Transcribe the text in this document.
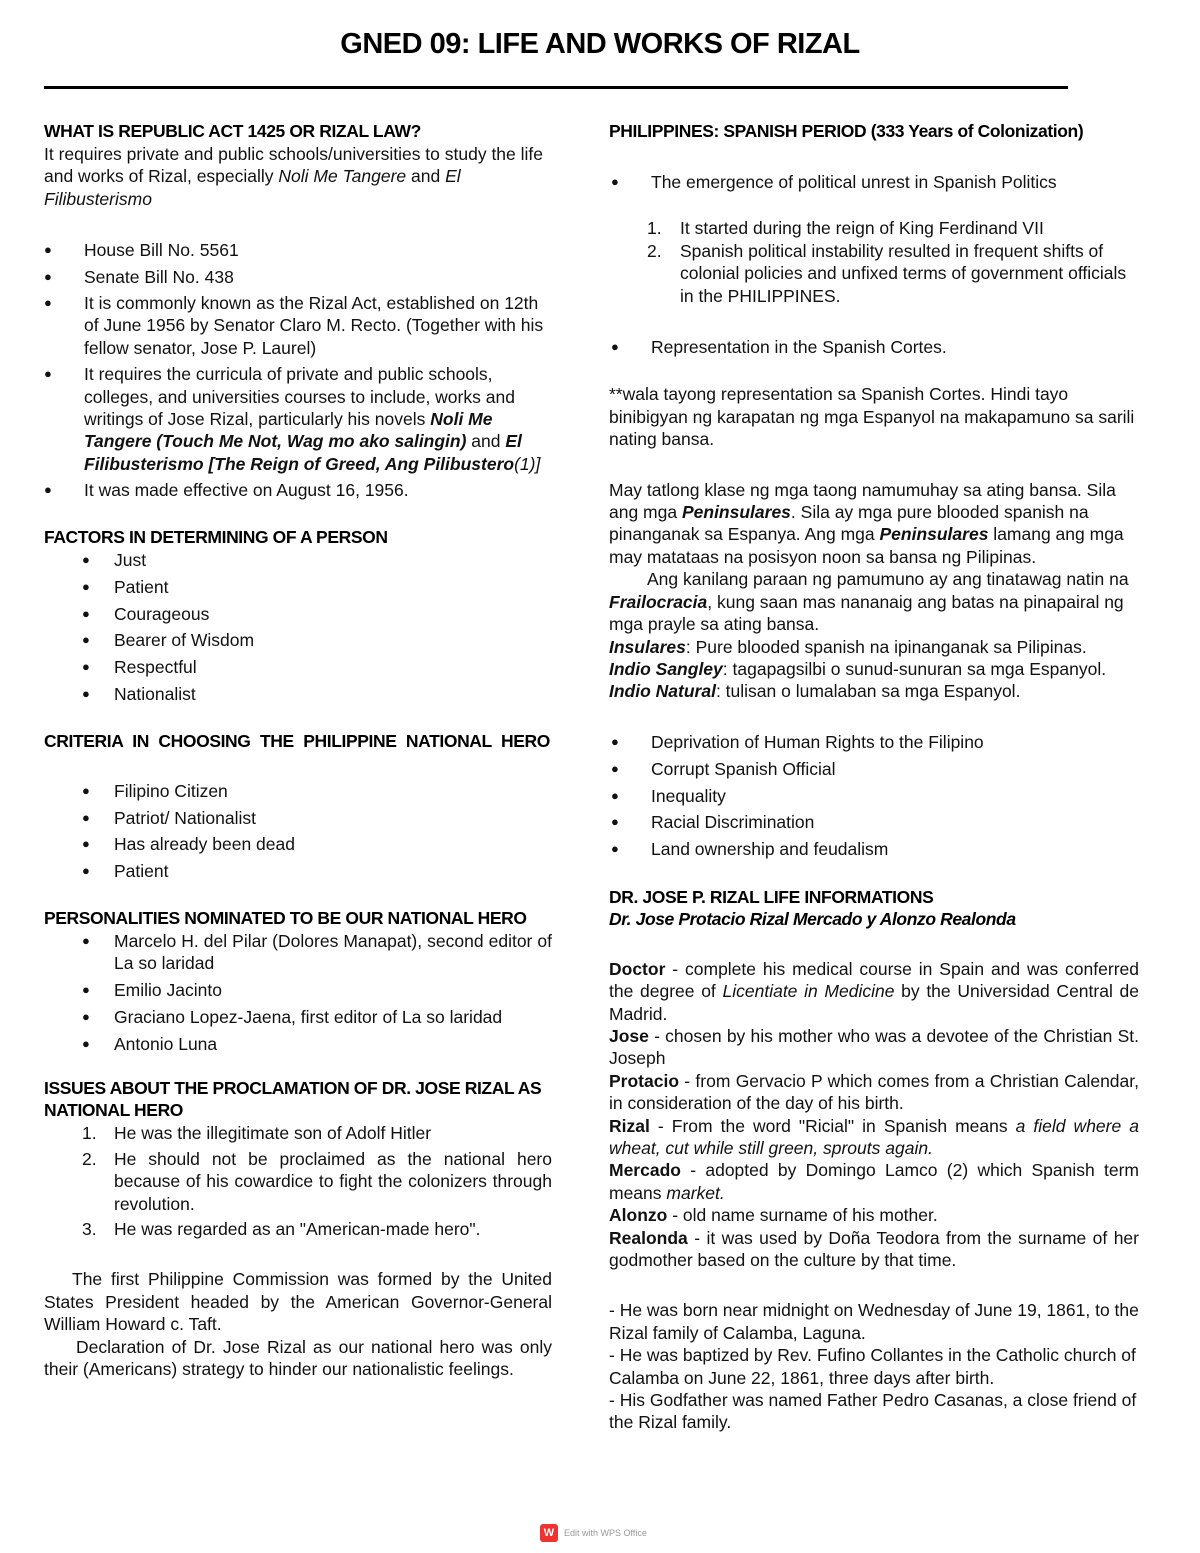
GNED 09: LIFE AND WORKS OF RIZAL
WHAT IS REPUBLIC ACT 1425 OR RIZAL LAW?

It requires private and public schools/universities to study the life and works of Rizal, especially Noli Me Tangere and El Filibusterismo

● House Bill No. 5561
● Senate Bill No. 438
● It is commonly known as the Rizal Act, established on 12th of June 1956 by Senator Claro M. Recto. (Together with his fellow senator, Jose P. Laurel)
● It requires the curricula of private and public schools, colleges, and universities courses to include, works and writings of Jose Rizal, particularly his novels Noli Me Tangere (Touch Me Not, Wag mo ako salingin) and El Filibusterismo [The Reign of Greed, Ang Pilibustero(1)]
● It was made effective on August 16, 1956.
FACTORS IN DETERMINING OF A PERSON
● Just
● Patient
● Courageous
● Bearer of Wisdom
● Respectful
● Nationalist
CRITERIA IN CHOOSING THE PHILIPPINE NATIONAL HERO
● Filipino Citizen
● Patriot/ Nationalist
● Has already been dead
● Patient
PERSONALITIES NOMINATED TO BE OUR NATIONAL HERO
● Marcelo H. del Pilar (Dolores Manapat), second editor of La so laridad
● Emilio Jacinto
● Graciano Lopez-Jaena, first editor of La so laridad
● Antonio Luna
ISSUES ABOUT THE PROCLAMATION OF DR. JOSE RIZAL AS NATIONAL HERO
1. He was the illegitimate son of Adolf Hitler
2. He should not be proclaimed as the national hero because of his cowardice to fight the colonizers through revolution.
3. He was regarded as an "American-made hero".

The first Philippine Commission was formed by the United States President headed by the American Governor-General William Howard c. Taft.

Declaration of Dr. Jose Rizal as our national hero was only their (Americans) strategy to hinder our nationalistic feelings.

PHILIPPINES: SPANISH PERIOD (333 Years of Colonization)
● The emergence of political unrest in Spanish Politics
1. It started during the reign of King Ferdinand VII
2. Spanish political instability resulted in frequent shifts of colonial policies and unfixed terms of government officials in the PHILIPPINES.
● Representation in the Spanish Cortes.

**wala tayong representation sa Spanish Cortes. Hindi tayo binibigyan ng karapatan ng mga Espanyol na makapamuno sa sarili nating bansa.

May tatlong klase ng mga taong namumuhay sa ating bansa. Sila ang mga Peninsulares. Sila ay mga pure blooded spanish na pinanganak sa Espanya. Ang mga Peninsulares lamang ang mga may matataas na posisyon noon sa bansa ng Pilipinas.

Ang kanilang paraan ng pamumuno ay ang tinatawag natin na Frailocracia, kung saan mas nananaig ang batas na pinapairal ng mga prayle sa ating bansa.

Insulares: Pure blooded spanish na ipinanganak sa Pilipinas.

Indio Sangley: tagapagsilbi o sunud-sunuran sa mga Espanyol.

Indio Natural: tulisan o lumalaban sa mga Espanyol.

● Deprivation of Human Rights to the Filipino
● Corrupt Spanish Official
● Inequality
● Racial Discrimination
● Land ownership and feudalism
DR. JOSE P. RIZAL LIFE INFORMATIONS
Dr. Jose Protacio Rizal Mercado y Alonzo Realonda

Doctor - complete his medical course in Spain and was conferred the degree of Licentiate in Medicine by the Universidad Central de Madrid.

Jose - chosen by his mother who was a devotee of the Christian St. Joseph

Protacio - from Gervacio P which comes from a Christian Calendar, in consideration of the day of his birth.

Rizal - From the word "Ricial" in Spanish means a field where a wheat, cut while still green, sprouts again.

Mercado - adopted by Domingo Lamco (2) which Spanish term means market.

Alonzo - old name surname of his mother.

Realonda - it was used by Doña Teodora from the surname of her godmother based on the culture by that time.

- He was born near midnight on Wednesday of June 19, 1861, to the Rizal family of Calamba, Laguna.

- He was baptized by Rev. Fufino Collantes in the Catholic church of Calamba on June 22, 1861, three days after birth.

- His Godfather was named Father Pedro Casanas, a close friend of the Rizal family.

W	Edit with WPS Office
